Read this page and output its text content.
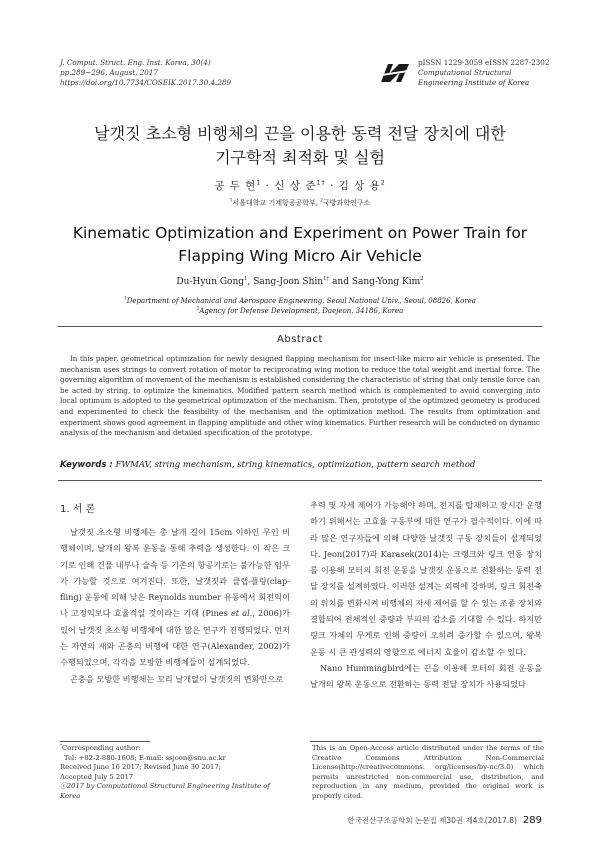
J. Comput. Struct. Eng. Inst. Korea, 30(4)
pp.289~296, August, 2017
https://doi.org/10.7734/COSEIK.2017.30.4.289
pISSN 1229-3059 eISSN 2287-2302
Computational Structural
Engineering Institute of Korea
날갯짓 초소형 비행체의 끈을 이용한 동력 전달 장치에 대한
기구학적 최적화 및 실험
공 두 현$^1$ · 신 상 준$^{1\dagger}$ · 김 상 용$^2$
$^1$서울대학교 기계항공공학부, $^2$국방과학연구소
Kinematic Optimization and Experiment on Power Train for
Flapping Wing Micro Air Vehicle
Du-Hyun Gong$^1$, Sang-Joon Shin$^{1\dagger}$ and Sang-Yong Kim$^2$
$^1$Department of Mechanical and Aerospace Engineering, Seoul National Univ., Seoul, 08826, Korea
$^2$Agency for Defense Development, Daejeon, 34186, Korea
Abstract
In this paper, geometrical optimization for newly designed flapping mechanism for insect-like micro air vehicle is presented. The mechanism uses strings to convert rotation of motor to reciprocating wing motion to reduce the total weight and inertial force. The governing algorithm of movement of the mechanism is established considering the characteristic of string that only tensile force can be acted by string, to optimize the kinematics. Modified pattern search method which is complemented to avoid converging into local optimum is adopted to the geometrical optimization of the mechanism. Then, prototype of the optimized geometry is produced and experimented to check the feasibility of the mechanism and the optimization method. The results from optimization and experiment shows good agreement in flapping amplitude and other wing kinematics. Further research will be conducted on dynamic analysis of the mechanism and detailed specification of the prototype.
Keywords : FWMAV, string mechanism, string kinematics, optimization, pattern search method
1. 서 론

날갯짓 초소형 비행체는 총 날개 길이 15cm 이하인 무인 비행체이며, 날개의 왕복 운동을 통해 추력을 생성한다. 이 작은 크기로 인해 건물 내부나 술속 등 기존의 항공기로는 불가능한 임무가 가능할 것으로 여겨진다. 또한, 날갯짓과 클랩-플링(clap-fling) 운동에 의해 낮은 Reynolds number 유동에서 회전익이나 고정익보다 효율적일 것이라는 기대 (Pines et al., 2006)가 있어 날갯짓 초소형 비행체에 대한 많은 연구가 진행되었다. 먼저는 자연의 새와 곤충의 비행에 대한 연구(Alexander, 2002)가 수행되었으며, 각각을 모방한 비행체들이 설계되었다.

곤충을 모방한 비행체는 꼬리 날개없이 날갯짓의 변화만으로

추력 및 자세 제어가 가능해야 하며, 전지를 탑재하고 장시간 운행하기 위해서는 고효율 구동부에 대한 연구가 필수적이다. 이에 따라 많은 연구자들에 의해 다양한 날갯짓 구동 장치들이 설계되었다. Jeon(2017)과 Karasek(2014)는 크랭크와 링크 연동 장치를 이용해 모터의 회전 운동을 날갯짓 운동으로 전환하는 동력 전달 장치를 설계하였다. 이러한 설계는 외력에 강하며, 링크 회전축의 위치를 변화시켜 비행체의 자세 제어를 할 수 있는 조종 장치와 결합되어 전체적인 중량과 부피의 감소를 기대할 수 있다. 하지만 링크 자체의 무게로 인해 중량이 오히려 증가할 수 있으며, 왕복 운동 시 큰 관성력의 영향으로 에너지 효율이 감소할 수 있다.

Nano Hummingbird에는 끈을 이용해 모터의 회전 운동을 날개의 왕복 운동으로 전환하는 동력 전달 장치가 사용되었다

*Corresponding author:
Tel: +82-2-880-1608; E-mail: ssjoon@snu.ac.kr
Received June 16 2017; Revised June 30 2017;
Accepted July 5 2017
ⓒ2017 by Computational Structural Engineering Institute of Korea
This is an Open-Access article distributed under the terms of the Creative Commons Attribution Non-Commercial License(http://creativecommons. org/licenses/by-nc/3.0) which permits unrestricted non-commercial use, distribution, and reproduction in any medium, provided the original work is properly cited.
한국전산구조공학회 논문집 제30권 제4호(2017.8) 289
